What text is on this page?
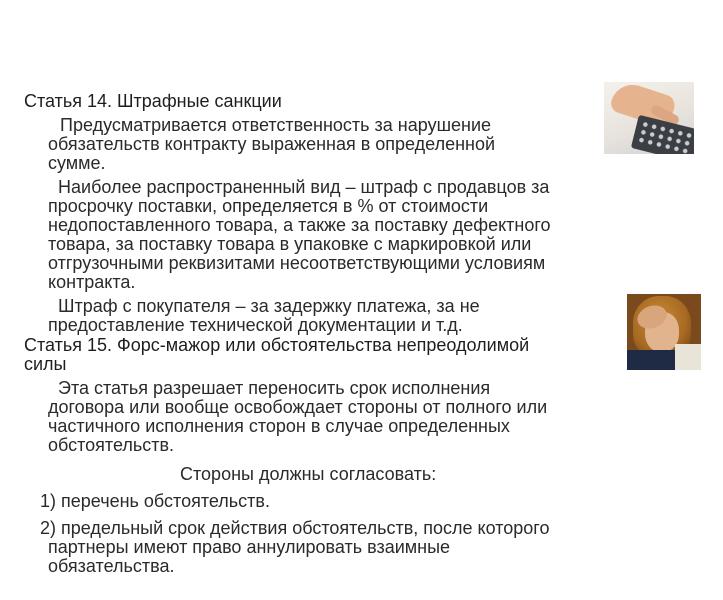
Статья 14. Штрафные санкции

Предусматривается ответственность за нарушение
обязательств контракту выраженная в определенной
сумме.

Наиболее распространенный вид – штраф с продавцов за
просрочку поставки, определяется в % от стоимости
недопоставленного товара, а также за поставку дефектного
товара, за поставку товара в упаковке с маркировкой или
отгрузочными реквизитами несоответствующими условиям
контракта.

Штраф с покупателя – за задержку платежа, за не
предоставление технической документации и т.д.

Статья 15. Форс-мажор или обстоятельства непреодолимой
силы

Эта статья разрешает переносить срок исполнения
договора или вообще освобождает стороны от полного или
частичного исполнения сторон в случае определенных
обстоятельств.

Стороны должны согласовать:

1) перечень обстоятельств.

2) предельный срок действия обстоятельств, после которого
партнеры имеют право аннулировать взаимные
обязательства.
